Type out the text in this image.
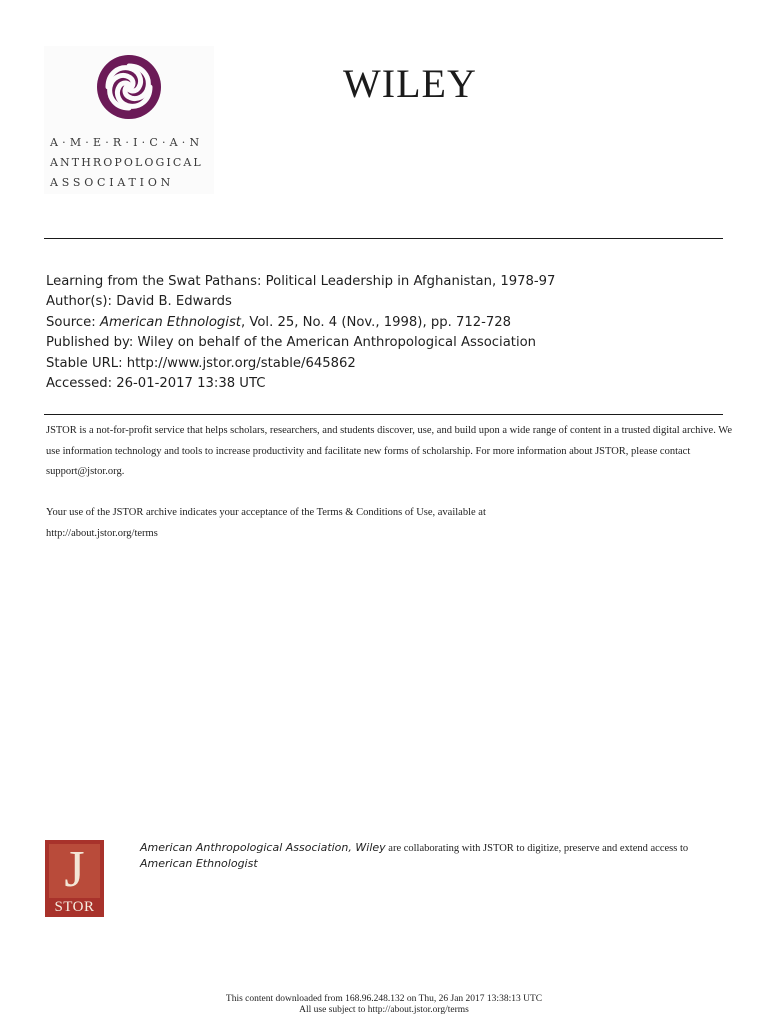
A·M·E·R·I·C·A·N
ANTHROPOLOGICAL
ASSOCIATION
WILEY
Learning from the Swat Pathans: Political Leadership in Afghanistan, 1978-97
Author(s): David B. Edwards
Source: American Ethnologist, Vol. 25, No. 4 (Nov., 1998), pp. 712-728
Published by: Wiley on behalf of the American Anthropological Association
Stable URL: http://www.jstor.org/stable/645862
Accessed: 26-01-2017 13:38 UTC
JSTOR is a not-for-profit service that helps scholars, researchers, and students discover, use, and build upon a wide range of content in a trusted digital archive. We use information technology and tools to increase productivity and facilitate new forms of scholarship. For more information about JSTOR, please contact support@jstor.org.
Your use of the JSTOR archive indicates your acceptance of the Terms & Conditions of Use, available at
http://about.jstor.org/terms
J
STOR
American Anthropological Association, Wiley are collaborating with JSTOR to digitize, preserve and extend access to American Ethnologist
This content downloaded from 168.96.248.132 on Thu, 26 Jan 2017 13:38:13 UTC
All use subject to http://about.jstor.org/terms
